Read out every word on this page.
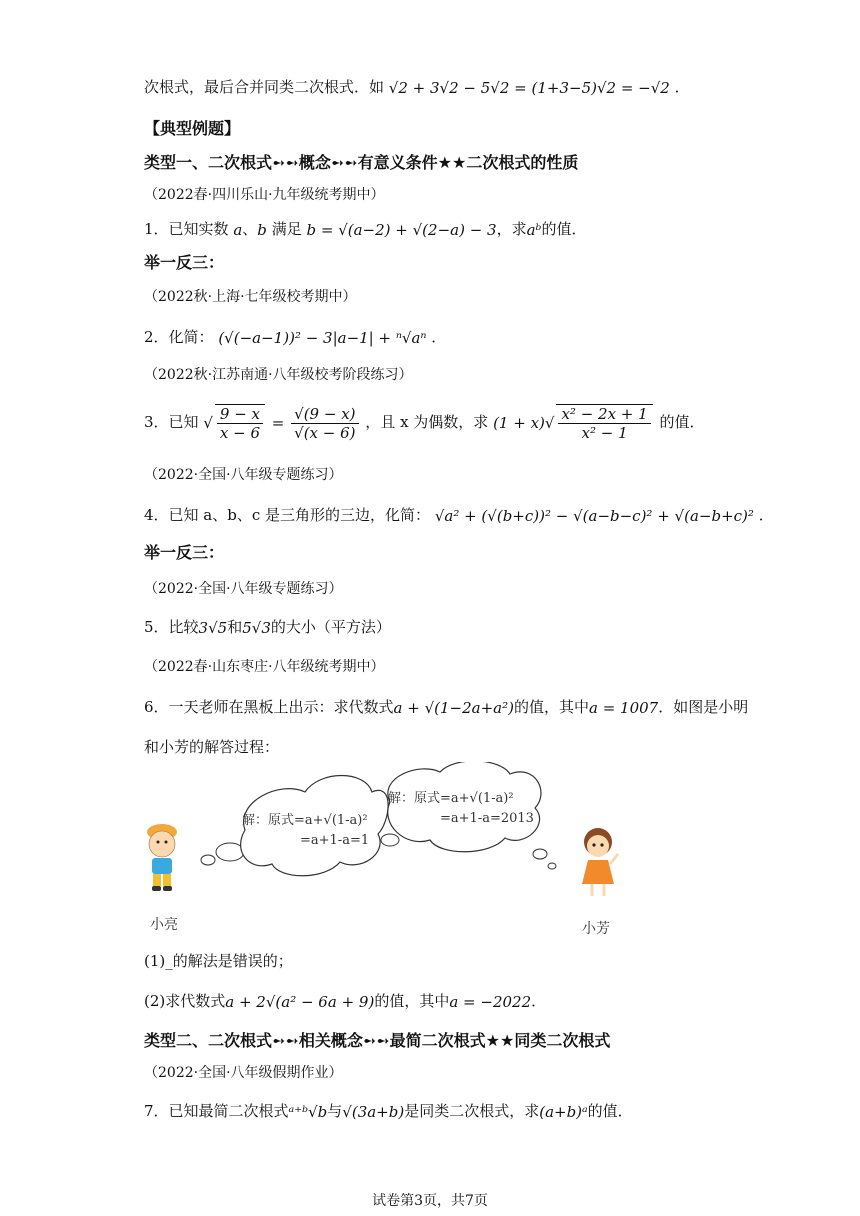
次根式，最后合并同类二次根式．如 √2 + 3√2 − 5√2 = (1+3−5)√2 = −√2 ．
【典型例题】
类型一、二次根式➻➻概念➻➻有意义条件★★二次根式的性质
（2022春·四川乐山·九年级统考期中）
1．已知实数 a、b 满足 b = √(a−2) + √(2−a) − 3，求aᵇ的值．
举一反三：
（2022秋·上海·七年级校考期中）
2．化简： (√(−a−1))² − 3|a−1| + ⁿ√aⁿ ．
（2022秋·江苏南通·八年级校考阶段练习）
3．已知 √ $\frac{9 - x}{x - 6} = \frac{√(9 - x)}{√(x - 6)}$ ，且 x 为偶数，求 $(1 + x)√ \frac{\text{x² − 2x + 1}}{\text{x² − 1}}$ 的值．
（2022·全国·八年级专题练习）
4．已知 a、b、c 是三角形的三边，化简： √a² + (√(b+c))² − √(a−b−c)² + √(a−b+c)² ．
举一反三：
（2022·全国·八年级专题练习）
5．比较3√5和5√3的大小（平方法）
（2022春·山东枣庄·八年级统考期中）
6．一天老师在黑板上出示：求代数式a + √(1−2a+a²)的值，其中a = 1007．如图是小明
和小芳的解答过程：
解：原式=a+√(1-a)²
=a+1-a=1
解：原式=a+√(1-a)²
=a+1-a=2013
小亮	小芳
(1)_的解法是错误的；
(2)求代数式a + 2√(a² − 6a + 9)的值，其中a = −2022．
类型二、二次根式➻➻相关概念➻➻最简二次根式★★同类二次根式
（2022·全国·八年级假期作业）
7．已知最简二次根式ᵃ⁺ᵇ√b与√(3a+b)是同类二次根式，求(a+b)ᵃ的值．
试卷第3页，共7页
